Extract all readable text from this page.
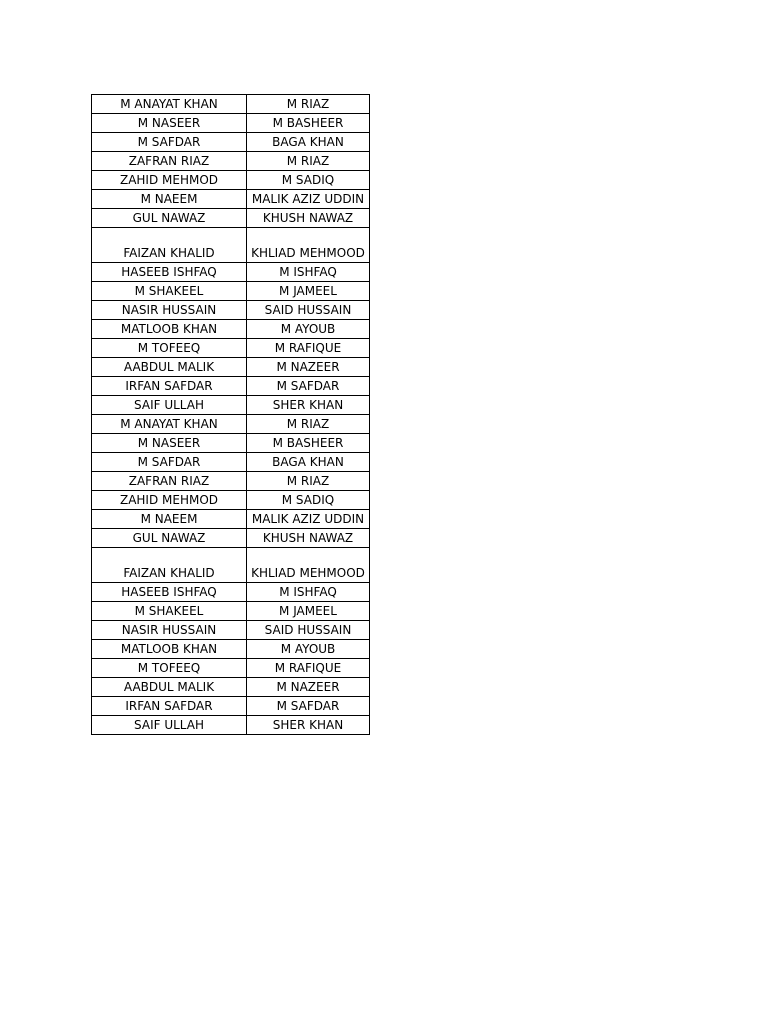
M ANAYAT KHAN	M RIAZ
M NASEER	M BASHEER
M SAFDAR	BAGA KHAN
ZAFRAN RIAZ	M RIAZ
ZAHID MEHMOD	M SADIQ
M NAEEM	MALIK AZIZ UDDIN
GUL NAWAZ	KHUSH NAWAZ
FAIZAN KHALID	KHLIAD MEHMOOD
HASEEB ISHFAQ	M ISHFAQ
M SHAKEEL	M JAMEEL
NASIR HUSSAIN	SAID HUSSAIN
MATLOOB KHAN	M AYOUB
M TOFEEQ	M RAFIQUE
AABDUL MALIK	M NAZEER
IRFAN SAFDAR	M SAFDAR
SAIF ULLAH	SHER KHAN
M ANAYAT KHAN	M RIAZ
M NASEER	M BASHEER
M SAFDAR	BAGA KHAN
ZAFRAN RIAZ	M RIAZ
ZAHID MEHMOD	M SADIQ
M NAEEM	MALIK AZIZ UDDIN
GUL NAWAZ	KHUSH NAWAZ
FAIZAN KHALID	KHLIAD MEHMOOD
HASEEB ISHFAQ	M ISHFAQ
M SHAKEEL	M JAMEEL
NASIR HUSSAIN	SAID HUSSAIN
MATLOOB KHAN	M AYOUB
M TOFEEQ	M RAFIQUE
AABDUL MALIK	M NAZEER
IRFAN SAFDAR	M SAFDAR
SAIF ULLAH	SHER KHAN
